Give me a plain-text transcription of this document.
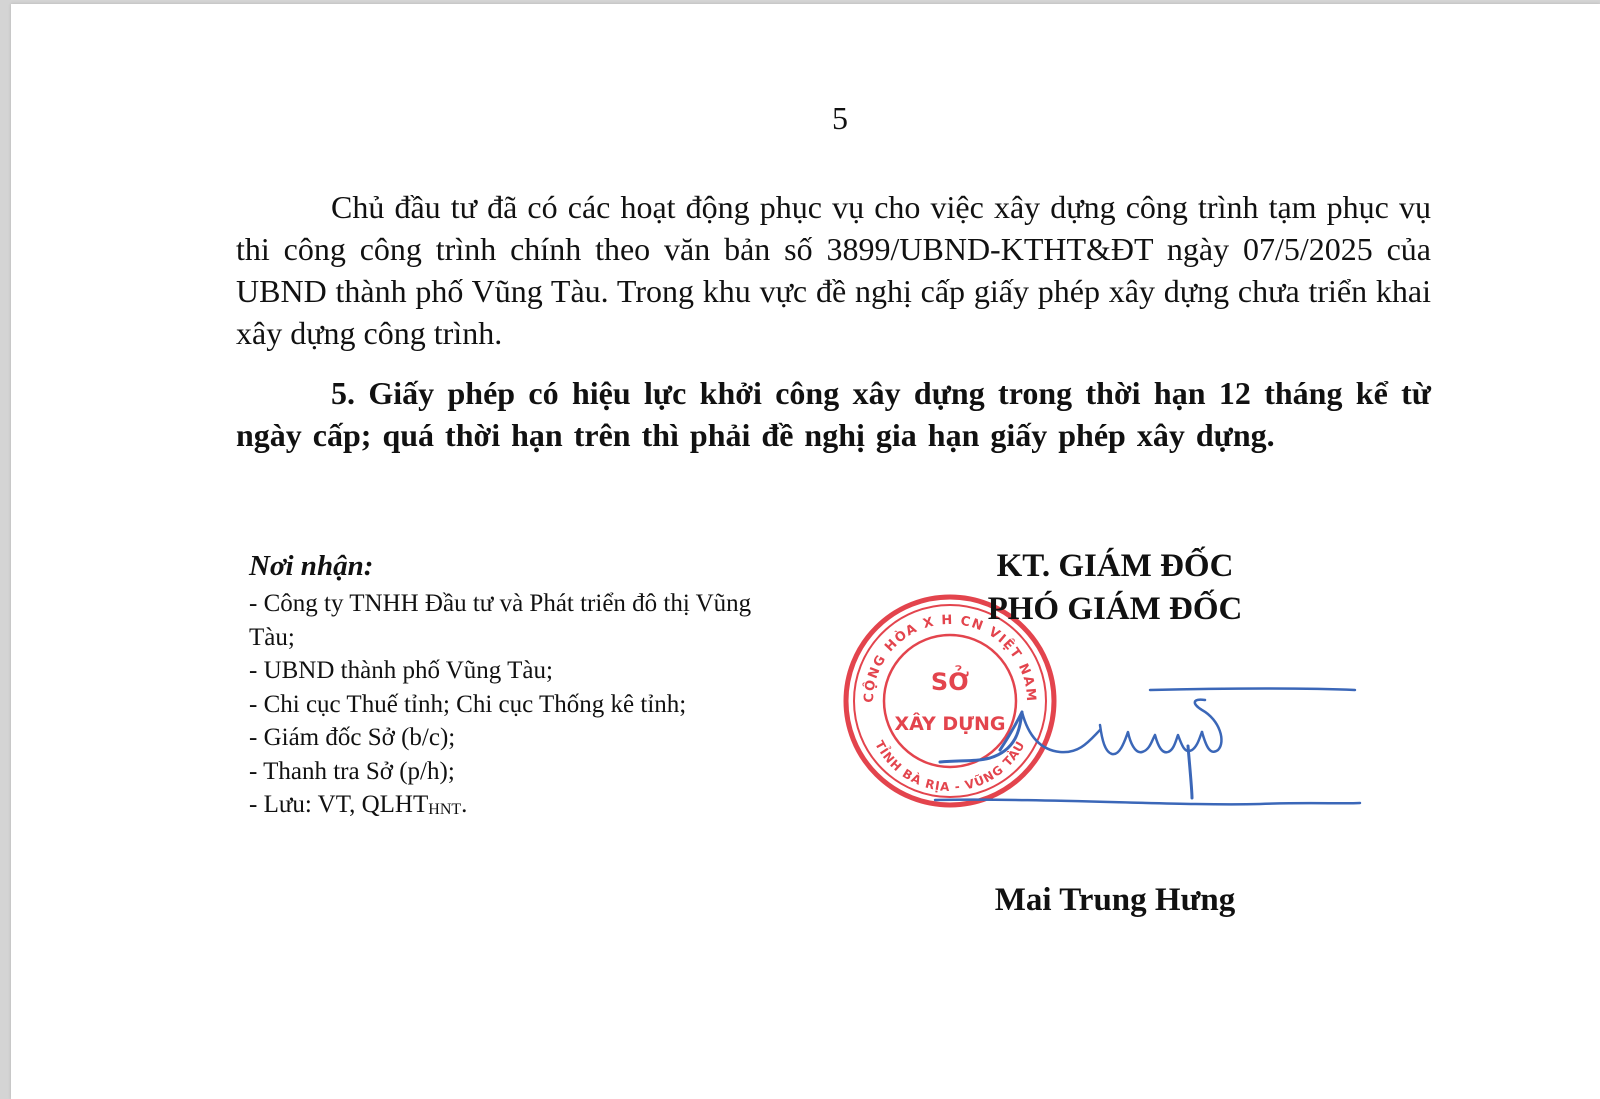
5

Chủ đầu tư đã có các hoạt động phục vụ cho việc xây dựng công trình tạm phục vụ thi công công trình chính theo văn bản số 3899/UBND-KTHT&ĐT ngày 07/5/2025 của UBND thành phố Vũng Tàu. Trong khu vực đề nghị cấp giấy phép xây dựng chưa triển khai xây dựng công trình.

5. Giấy phép có hiệu lực khởi công xây dựng trong thời hạn 12 tháng kể từ ngày cấp; quá thời hạn trên thì phải đề nghị gia hạn giấy phép xây dựng.

Nơi nhận:

- Công ty TNHH Đầu tư và Phát triển đô thị Vũng Tàu;
- UBND thành phố Vũng Tàu;
- Chi cục Thuế tỉnh; Chi cục Thống kê tỉnh;
- Giám đốc Sở (b/c);
- Thanh tra Sở (p/h);
- Lưu: VT, $QLHT_{HNT}$.
CỘNG HÒA X H CN VIỆT NAM
TỈNH BÀ RỊA - VŨNG TÀU
SỞ
XÂY DỰNG

KT. GIÁM ĐỐC

PHÓ GIÁM ĐỐC

Mai Trung Hưng
